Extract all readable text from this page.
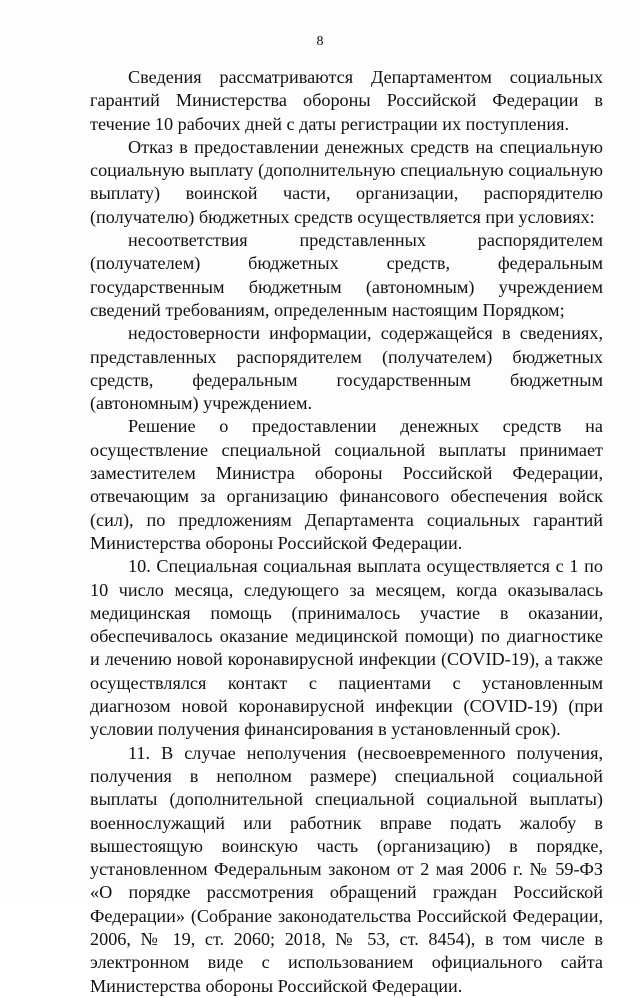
8

Сведения рассматриваются Департаментом социальных гарантий Министерства обороны Российской Федерации в течение 10 рабочих дней с даты регистрации их поступления.

Отказ в предоставлении денежных средств на специальную социальную выплату (дополнительную специальную социальную выплату) воинской части, организации, распорядителю (получателю) бюджетных средств осуществляется при условиях:

несоответствия представленных распорядителем (получателем) бюджетных средств, федеральным государственным бюджетным (автономным) учреждением сведений требованиям, определенным настоящим Порядком;

недостоверности информации, содержащейся в сведениях, представленных распорядителем (получателем) бюджетных средств, федеральным государственным бюджетным (автономным) учреждением.

Решение о предоставлении денежных средств на осуществление специальной социальной выплаты принимает заместителем Министра обороны Российской Федерации, отвечающим за организацию финансового обеспечения войск (сил), по предложениям Департамента социальных гарантий Министерства обороны Российской Федерации.

10. Специальная социальная выплата осуществляется с 1 по 10 число месяца, следующего за месяцем, когда оказывалась медицинская помощь (принималось участие в оказании, обеспечивалось оказание медицинской помощи) по диагностике и лечению новой коронавирусной инфекции (COVID-19), а также осуществлялся контакт с пациентами с установленным диагнозом новой коронавирусной инфекции (COVID-19) (при условии получения финансирования в установленный срок).

11. В случае неполучения (несвоевременного получения, получения в неполном размере) специальной социальной выплаты (дополнительной специальной социальной выплаты) военнослужащий или работник вправе подать жалобу в вышестоящую воинскую часть (организацию) в порядке, установленном Федеральным законом от 2 мая 2006 г. № 59-ФЗ «О порядке рассмотрения обращений граждан Российской Федерации» (Собрание законодательства Российской Федерации, 2006, № 19, ст. 2060; 2018, № 53, ст. 8454), в том числе в электронном виде с использованием официального сайта Министерства обороны Российской Федерации.
